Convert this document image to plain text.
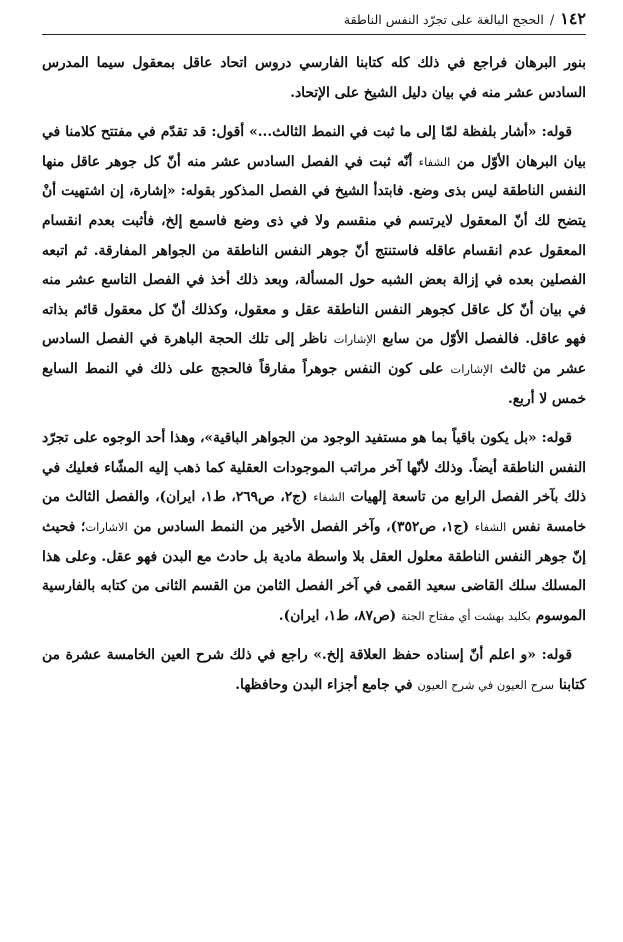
١٤٢
/
الحجج البالغة على تجرّد النفس الناطقة

بنور البرهان فراجع في ذلك كله كتابنا الفارسي دروس اتحاد عاقل بمعقول سيما المدرس السادس عشر منه في بيان دليل الشيخ على الإتحاد.

قوله: «أشار بلفظة لمّا إلى ما ثبت في النمط الثالث...» أقول: قد تقدّم في مفتتح كلامنا في بيان البرهان الأوّل من الشفاء أنّه ثبت في الفصل السادس عشر منه أنّ كل جوهر عاقل منها النفس الناطقة ليس بذى وضع. فابتدأ الشيخ في الفصل المذكور بقوله: «إشارة، إن اشتهيت أنْ يتضح لك أنّ المعقول لايرتسم في منقسم ولا في ذى وضع فاسمع إلخ، فأثبت بعدم انقسام المعقول عدم انقسام عاقله فاستنتج أنّ جوهر النفس الناطقة من الجواهر المفارقة. ثم اتبعه الفصلين بعده في إزالة بعض الشبه حول المسألة، وبعد ذلك أخذ في الفصل التاسع عشر منه في بيان أنّ كل عاقل كجوهر النفس الناطقة عقل و معقول، وكذلك أنّ كل معقول قائم بذاته فهو عاقل. فالفصل الأوّل من سابع الإشارات ناظر إلى تلك الحجة الباهرة في الفصل السادس عشر من ثالث الإشارات على كون النفس جوهراً مفارقاً فالحجج على ذلك في النمط السابع خمس لا أربع.

قوله: «بل يكون باقياً بما هو مستفيد الوجود من الجواهر الباقية»، وهذا أحد الوجوه على تجرّد النفس الناطقة أيضاً. وذلك لأنّها آخر مراتب الموجودات العقلية كما ذهب إليه المشّاء فعليك في ذلك بآخر الفصل الرابع من تاسعة إلهيات الشفاء (ج٢، ص٢٦٩، ط١، ايران)، والفصل الثالث من خامسة نفس الشفاء (ج١، ص٣٥٢)، وآخر الفصل الأخير من النمط السادس من الاشارات؛ فحيث إنّ جوهر النفس الناطقة معلول العقل بلا واسطة مادية بل حادث مع البدن فهو عقل. وعلى هذا المسلك سلك القاضى سعيد القمى في آخر الفصل الثامن من القسم الثانى من كتابه بالفارسية الموسوم بكليد بهشت أي مفتاح الجنة (ص٨٧، ط١، ايران).

قوله: «و اعلم أنّ إسناده حفظ العلاقة إلخ.» راجع في ذلك شرح العين الخامسة عشرة من كتابنا سرح العيون في شرح العيون في جامع أجزاء البدن وحافظها.
